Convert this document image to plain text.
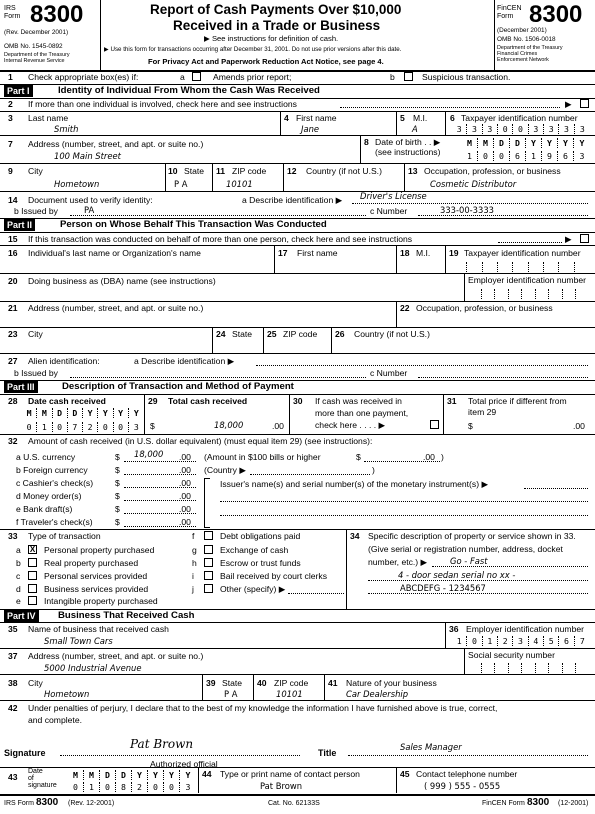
IRS
Form 8300
(Rev. December 2001)
OMB No. 1545-0892
Department of the Treasury
Internal Revenue Service
Report of Cash Payments Over $10,000
Received in a Trade or Business
▶ See instructions for definition of cash.
▶ Use this form for transactions occurring after December 31, 2001. Do not use prior versions after this date.
For Privacy Act and Paperwork Reduction Act Notice, see page 4.
FinCEN
Form 8300
(December 2001)
OMB No. 1506-0018
Department of the Treasury
Financial Crimes
Enforcement Network
1 Check appropriate box(es) if:	a	Amends prior report;	b	Suspicious transaction.
Part I	Identity of Individual From Whom the Cash Was Received
2 If more than one individual is involved, check here and see instructions	▶
3 Last name
Smith
4 First name
Jane
5 M.I.
A
6 Taxpayer identification number
3	3	3	0	0	3	3	3	3
7 Address (number, street, and apt. or suite no.)
100 Main Street
8 Date of birth . . ▶
(see instructions)
M	M	D	D	Y	Y	Y	Y
1	0	0	6	1	9	6	3
9 City
Hometown
10 State
P A
11 ZIP code
10101
12 Country (if not U.S.)	13 Occupation, profession, or business
Cosmetic Distributor
14 Document used to verify identity:	a Describe identification ▶ Driver's License
b Issued by	PA	c Number	333-00-3333
Part II	Person on Whose Behalf This Transaction Was Conducted
15 If this transaction was conducted on behalf of more than one person, check here and see instructions	▶
16 Individual's last name or Organization's name	17 First name	18 M.I. 19 Taxpayer identification number
20 Doing business as (DBA) name (see instructions)	Employer identification number
21 Address (number, street, and apt. or suite no.)	22 Occupation, profession, or business
23 City	24 State 25 ZIP code 26 Country (if not U.S.)
27 Alien identification:	a Describe identification ▶
b Issued by	c Number
Part III	Description of Transaction and Method of Payment
28 Date cash received
M	M	D	D	Y	Y	Y	Y
0	1	0	7	2	0	0	3
29 Total cash received
$	18,000	.00
30 If cash was received in
more than one payment,
check here . . . . ▶
31 Total price if different from
item 29
$	.00
32 Amount of cash received (in U.S. dollar equivalent) (must equal item 29) (see instructions):
a U.S. currency	$ 18,000 .00 (Amount in $100 bills or higher	$	.00 )
b Foreign currency	$	.00 (Country ▶	)
c Cashier's check(s)	$	.00
d Money order(s)	$	.00
e Bank draft(s)	$	.00
f Traveler's check(s)	$	.00
Issuer's name(s) and serial number(s) of the monetary instrument(s) ▶
33 Type of transaction
a X Personal property purchased
b	Real property purchased
c	Personal services provided
d	Business services provided
e	Intangible property purchased
f	Debt obligations paid
g	Exchange of cash
h	Escrow or trust funds
i	Bail received by court clerks
j	Other (specify) ▶
34 Specific description of property or service shown in 33.
(Give serial or registration number, address, docket
number, etc.) ▶	Go - Fast
4 - door sedan serial no xx -
ABCDEFG - 1234567
Part IV	Business That Received Cash
35 Name of business that received cash
Small Town Cars
36 Employer identification number
1	0	1	2	3	4	5	6	7
37 Address (number, street, and apt. or suite no.)
5000 Industrial Avenue
Social security number
38 City
Hometown
39 State
P A
40 ZIP code
10101
41 Nature of your business
Car Dealership
42 Under penalties of perjury, I declare that to the best of my knowledge the information I have furnished above is true, correct,
and complete.
Signature
Pat Brown
Authorized official
Title
Sales Manager
43
Date
of
signature
M	M	D	D	Y	Y	Y	Y
0	1	0	8	2	0	0	3
44 Type or print name of contact person
Pat Brown
45 Contact telephone number
( 999 ) 555 - 0555
IRS Form 8300 (Rev. 12-2001)	Cat. No. 62133S	FinCEN Form 8300 (12-2001)
